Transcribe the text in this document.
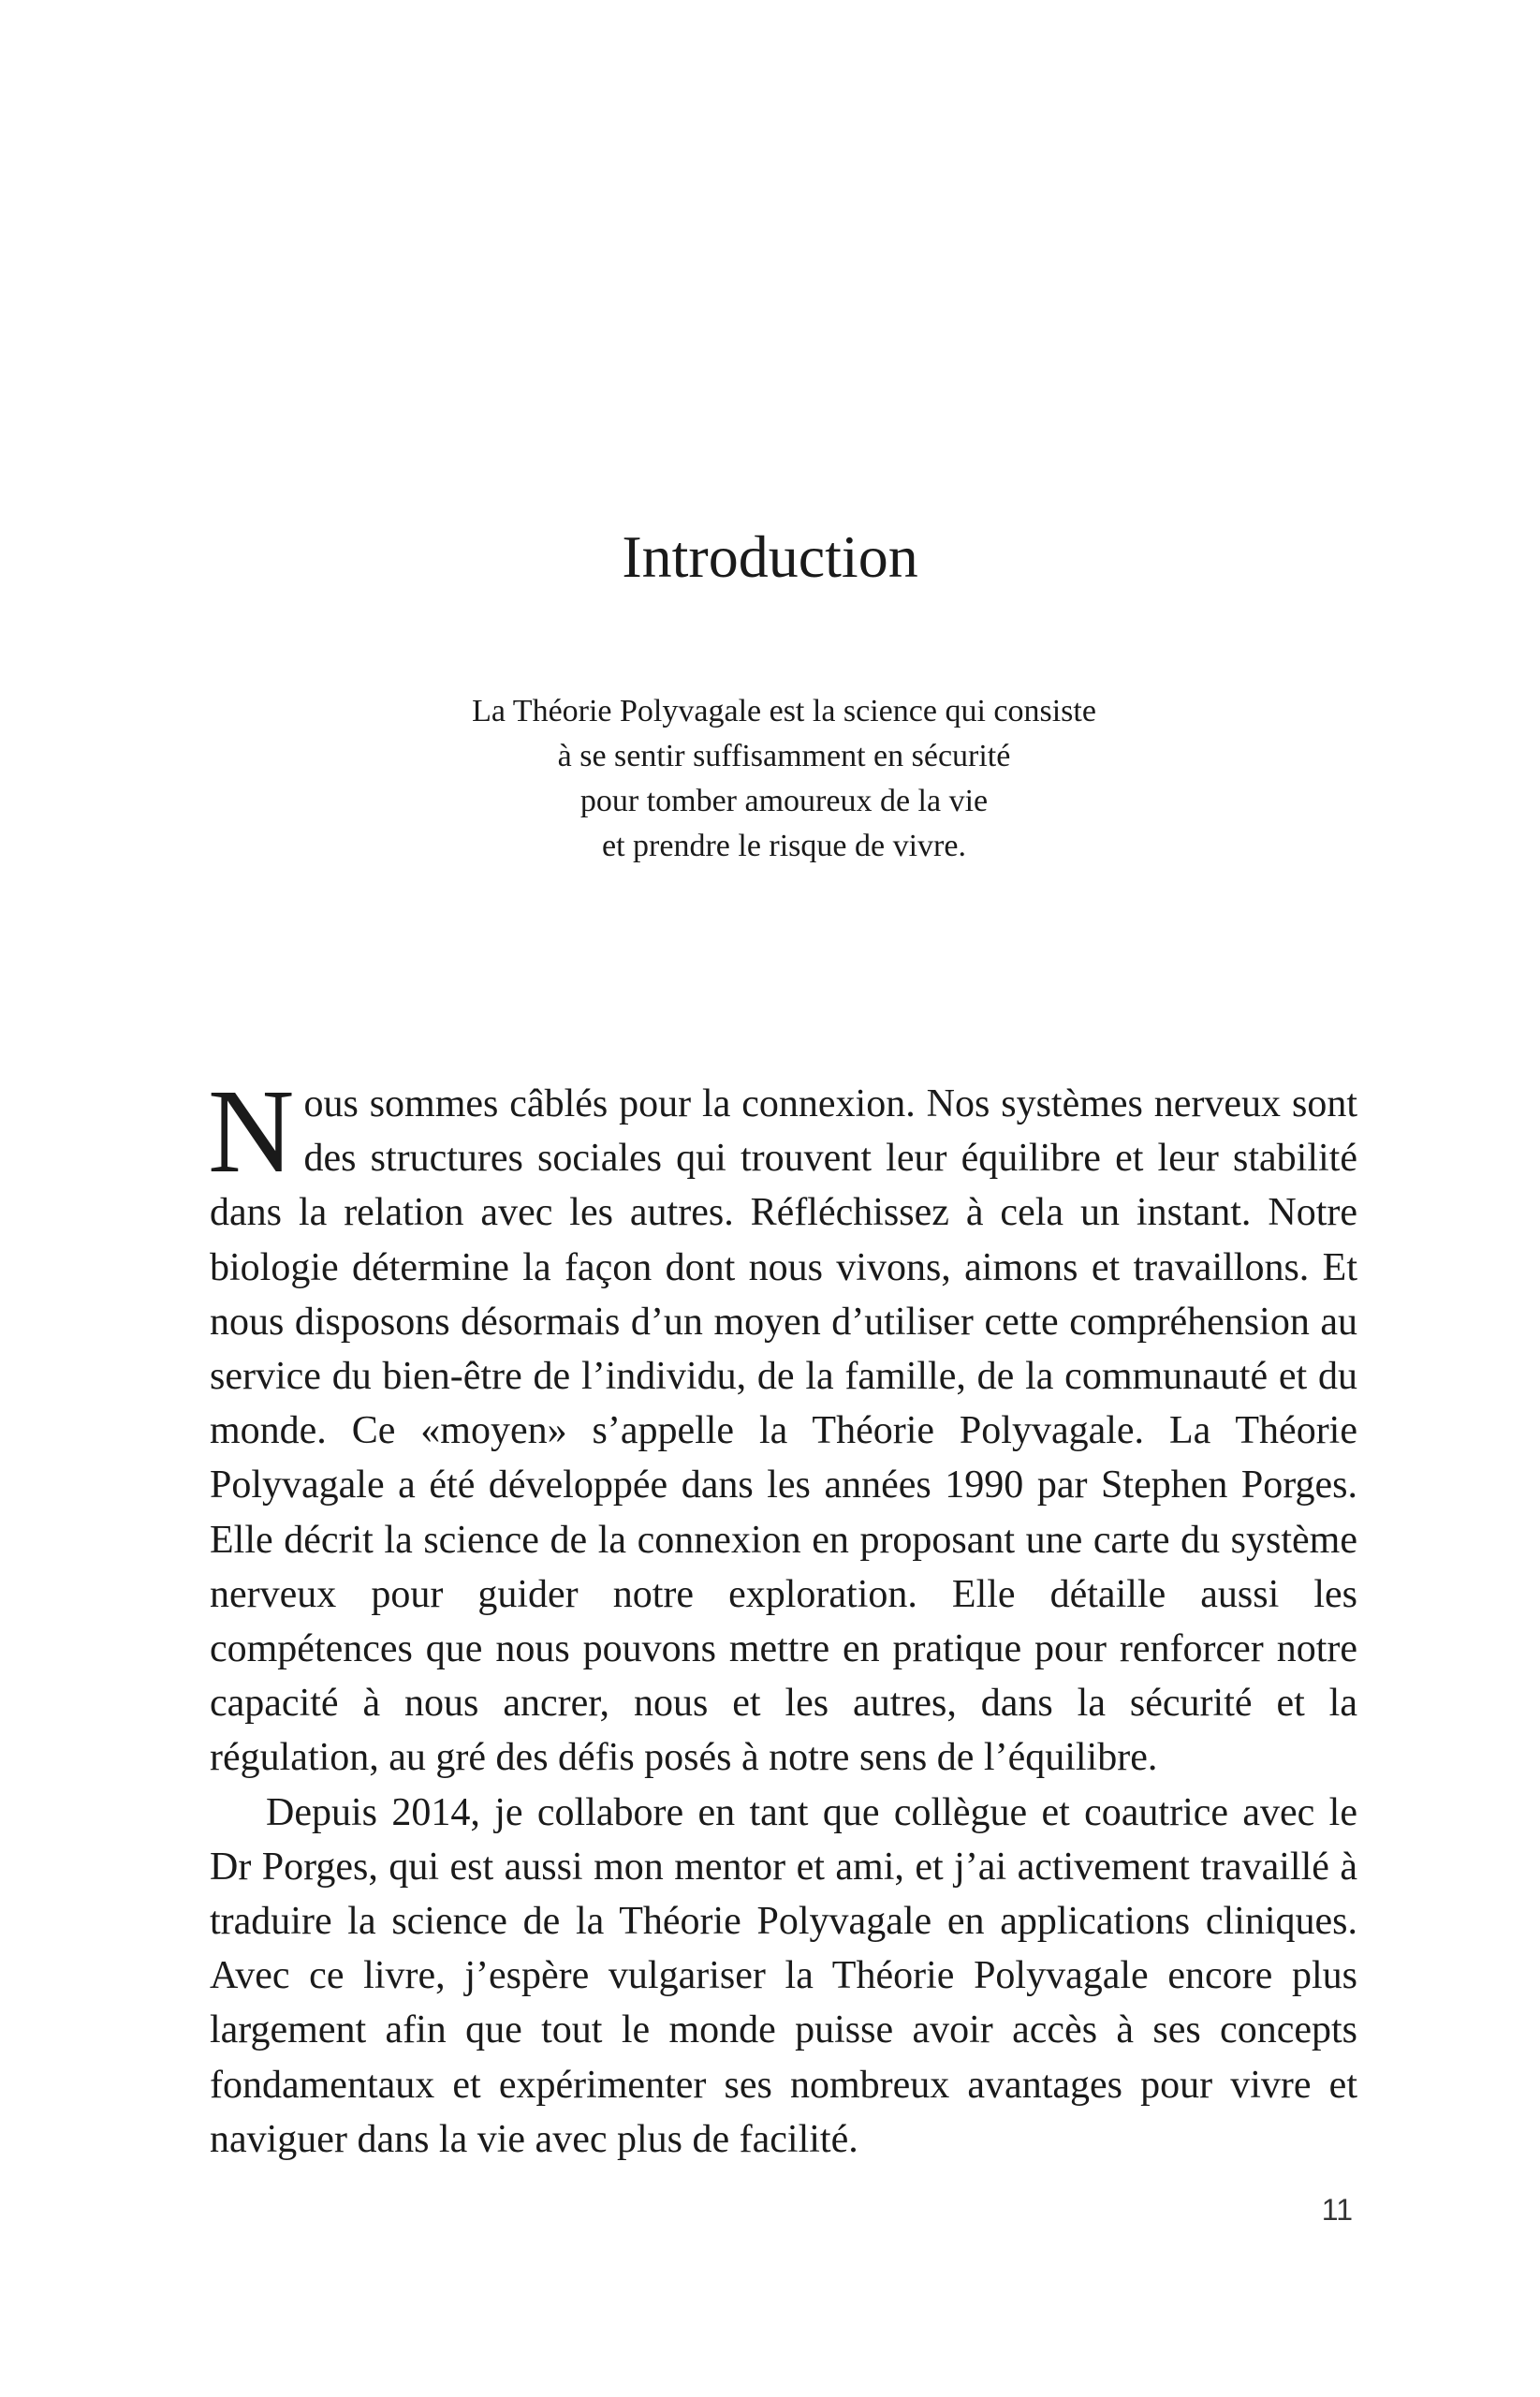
Introduction
La Théorie Polyvagale est la science qui consiste
à se sentir suffisamment en sécurité
pour tomber amoureux de la vie
et prendre le risque de vivre.

Nous sommes câblés pour la connexion. Nos systèmes nerveux sont des structures sociales qui trouvent leur équilibre et leur stabilité dans la relation avec les autres. Réfléchissez à cela un instant. Notre biologie détermine la façon dont nous vivons, aimons et travaillons. Et nous disposons désormais d’un moyen d’utiliser cette compréhension au service du bien-être de l’individu, de la famille, de la communauté et du monde. Ce «moyen» s’appelle la Théorie Polyvagale. La Théorie Polyvagale a été développée dans les années 1990 par Stephen Porges. Elle décrit la science de la connexion en proposant une carte du système nerveux pour guider notre exploration. Elle détaille aussi les compétences que nous pouvons mettre en pratique pour renforcer notre capacité à nous ancrer, nous et les autres, dans la sécurité et la régulation, au gré des défis posés à notre sens de l’équilibre.

Depuis 2014, je collabore en tant que collègue et coautrice avec le Dr Porges, qui est aussi mon mentor et ami, et j’ai activement travaillé à traduire la science de la Théorie Polyvagale en applications cliniques. Avec ce livre, j’espère vulgariser la Théorie Polyvagale encore plus largement afin que tout le monde puisse avoir accès à ses concepts fondamentaux et expérimenter ses nombreux avantages pour vivre et naviguer dans la vie avec plus de facilité.

11
